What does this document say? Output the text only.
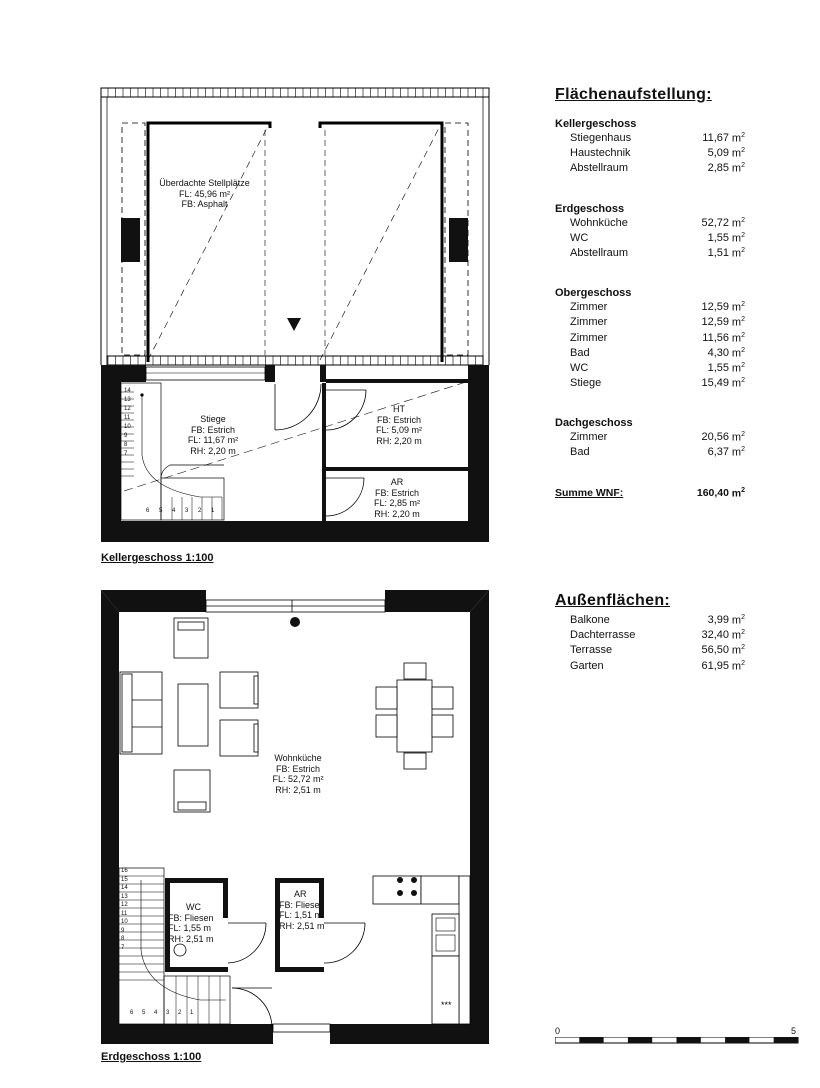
Überdachte Stellplätze
FL: 45,96 m²
FB: Asphalt
Stiege
FB: Estrich
FL: 11,67 m²
RH: 2,20 m
HT
FB: Estrich
FL: 5,09 m²
RH: 2,20 m
AR
FB: Estrich
FL: 2,85 m²
RH: 2,20 m
14
13
12
11
10
9
8
7
6 5 4 3 2 1
Kellergeschoss 1:100
***
Wohnküche
FB: Estrich
FL: 52,72 m²
RH: 2,51 m
WC
FB: Fliesen
FL: 1,55 m
RH: 2,51 m
AR
FB: Fliesen
FL: 1,51 m
RH: 2,51 m
16
15
14
13
12
11
10
9
8
7
6 5 4 3 2 1
Erdgeschoss 1:100
Flächenaufstellung:
Kellergeschoss
Stiegenhaus	11,67 $m^2$
Haustechnik	5,09 $m^2$
Abstellraum	2,85 $m^2$
Erdgeschoss
Wohnküche	52,72 $m^2$
WC	1,55 $m^2$
Abstellraum	1,51 $m^2$
Obergeschoss
Zimmer	12,59 $m^2$
Zimmer	12,59 $m^2$
Zimmer	11,56 $m^2$
Bad	4,30 $m^2$
WC	1,55 $m^2$
Stiege	15,49 $m^2$
Dachgeschoss
Zimmer	20,56 $m^2$
Bad	6,37 $m^2$
Summe WNF:	160,40 $m^2$
Außenflächen:
Balkone	3,99 $m^2$
Dachterrasse	32,40 $m^2$
Terrasse	56,50 $m^2$
Garten	61,95 $m^2$
0	5
